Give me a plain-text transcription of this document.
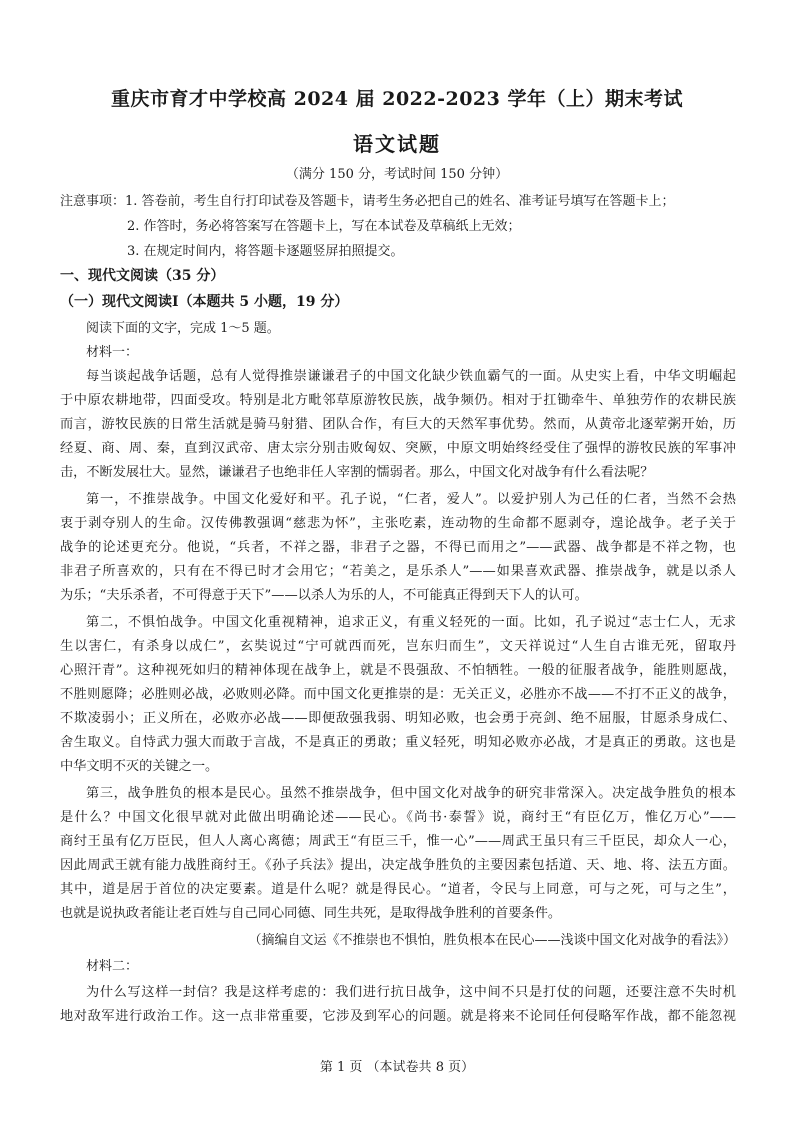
重庆市育才中学校高 2024 届 2022-2023 学年（上）期末考试
语文试题
（满分 150 分，考试时间 150 分钟）
注意事项：1. 答卷前，考生自行打印试卷及答题卡，请考生务必把自己的姓名、准考证号填写在答题卡上；
2. 作答时，务必将答案写在答题卡上，写在本试卷及草稿纸上无效；
3. 在规定时间内，将答题卡逐题竖屏拍照提交。
一、现代文阅读（35 分）
（一）现代文阅读I（本题共 5 小题，19 分）
阅读下面的文字，完成 1～5 题。
材料一：
每当谈起战争话题，总有人觉得推崇谦谦君子的中国文化缺少铁血霸气的一面。从史实上看，中华文明崛起
于中原农耕地带，四面受攻。特别是北方毗邻草原游牧民族，战争频仍。相对于扛锄牵牛、单独劳作的农耕民族
而言，游牧民族的日常生活就是骑马射猎、团队合作，有巨大的天然军事优势。然而，从黄帝北逐荤粥开始，历
经夏、商、周、秦，直到汉武帝、唐太宗分别击败匈奴、突厥，中原文明始终经受住了强悍的游牧民族的军事冲
击，不断发展壮大。显然，谦谦君子也绝非任人宰割的懦弱者。那么，中国文化对战争有什么看法呢？
第一，不推崇战争。中国文化爱好和平。孔子说，“仁者，爱人”。以爱护别人为己任的仁者，当然不会热
衷于剥夺别人的生命。汉传佛教强调“慈悲为怀”，主张吃素，连动物的生命都不愿剥夺，遑论战争。老子关于
战争的论述更充分。他说，“兵者，不祥之器，非君子之器，不得已而用之”——武器、战争都是不祥之物，也
非君子所喜欢的，只有在不得已时才会用它；“若美之，是乐杀人”——如果喜欢武器、推崇战争，就是以杀人
为乐；“夫乐杀者，不可得意于天下”——以杀人为乐的人，不可能真正得到天下人的认可。
第二，不惧怕战争。中国文化重视精神，追求正义，有重义轻死的一面。比如，孔子说过“志士仁人，无求
生以害仁，有杀身以成仁”，玄奘说过“宁可就西而死，岂东归而生”，文天祥说过“人生自古谁无死，留取丹
心照汗青”。这种视死如归的精神体现在战争上，就是不畏强敌、不怕牺牲。一般的征服者战争，能胜则愿战，
不胜则愿降；必胜则必战，必败则必降。而中国文化更推崇的是：无关正义，必胜亦不战——不打不正义的战争，
不欺凌弱小；正义所在，必败亦必战——即便敌强我弱、明知必败，也会勇于亮剑、绝不屈服，甘愿杀身成仁、
舍生取义。自恃武力强大而敢于言战，不是真正的勇敢；重义轻死，明知必败亦必战，才是真正的勇敢。这也是
中华文明不灭的关键之一。
第三，战争胜负的根本是民心。虽然不推崇战争，但中国文化对战争的研究非常深入。决定战争胜负的根本
是什么？中国文化很早就对此做出明确论述——民心。《尚书·泰誓》说，商纣王“有臣亿万，惟亿万心”——
商纣王虽有亿万臣民，但人人离心离德；周武王“有臣三千，惟一心”——周武王虽只有三千臣民，却众人一心，
因此周武王就有能力战胜商纣王。《孙子兵法》提出，决定战争胜负的主要因素包括道、天、地、将、法五方面。
其中，道是居于首位的决定要素。道是什么呢？就是得民心。“道者，令民与上同意，可与之死，可与之生”，
也就是说执政者能让老百姓与自己同心同德、同生共死，是取得战争胜利的首要条件。
（摘编自文运《不推崇也不惧怕，胜负根本在民心——浅谈中国文化对战争的看法》）
材料二：
为什么写这样一封信？我是这样考虑的：我们进行抗日战争，这中间不只是打仗的问题，还要注意不失时机
地对敌军进行政治工作。这一点非常重要，它涉及到军心的问题。就是将来不论同任何侵略军作战，都不能忽视
第 1 页 （本试卷共 8 页）
